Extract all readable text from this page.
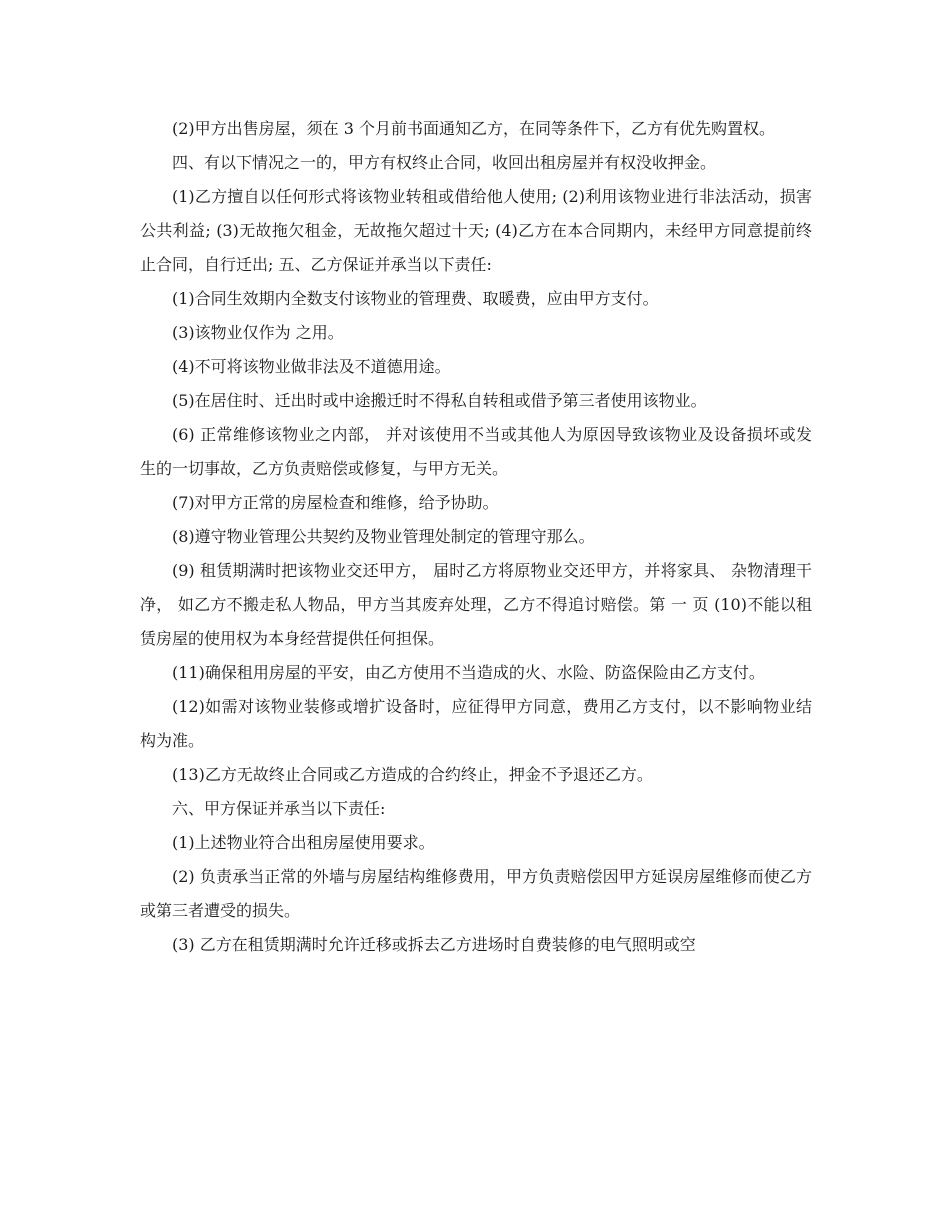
(2)甲方出售房屋，须在 3 个月前书面通知乙方，在同等条件下，乙方有优先购置权。

四、有以下情况之一的，甲方有权终止合同，收回出租房屋并有权没收押金。

(1)乙方擅自以任何形式将该物业转租或借给他人使用; (2)利用该物业进行非法活动，损害公共利益; (3)无故拖欠租金，无故拖欠超过十天; (4)乙方在本合同期内，未经甲方同意提前终止合同，自行迁出; 五、乙方保证并承当以下责任:

(1)合同生效期内全数支付该物业的管理费、取暖费，应由甲方支付。

(3)该物业仅作为 之用。

(4)不可将该物业做非法及不道德用途。

(5)在居住时、迁出时或中途搬迁时不得私自转租或借予第三者使用该物业。

(6) 正常维修该物业之内部， 并对该使用不当或其他人为原因导致该物业及设备损坏或发生的一切事故，乙方负责赔偿或修复，与甲方无关。

(7)对甲方正常的房屋检查和维修，给予协助。

(8)遵守物业管理公共契约及物业管理处制定的管理守那么。

(9) 租赁期满时把该物业交还甲方， 届时乙方将原物业交还甲方，并将家具、 杂物清理干净， 如乙方不搬走私人物品，甲方当其废弃处理，乙方不得追讨赔偿。第 一 页 (10)不能以租赁房屋的使用权为本身经营提供任何担保。

(11)确保租用房屋的平安，由乙方使用不当造成的火、水险、防盗保险由乙方支付。

(12)如需对该物业装修或增扩设备时，应征得甲方同意，费用乙方支付，以不影响物业结构为准。

(13)乙方无故终止合同或乙方造成的合约终止，押金不予退还乙方。

六、甲方保证并承当以下责任:

(1)上述物业符合出租房屋使用要求。

(2) 负责承当正常的外墙与房屋结构维修费用，甲方负责赔偿因甲方延误房屋维修而使乙方 或第三者遭受的损失。

(3) 乙方在租赁期满时允许迁移或拆去乙方进场时自费装修的电气照明或空
